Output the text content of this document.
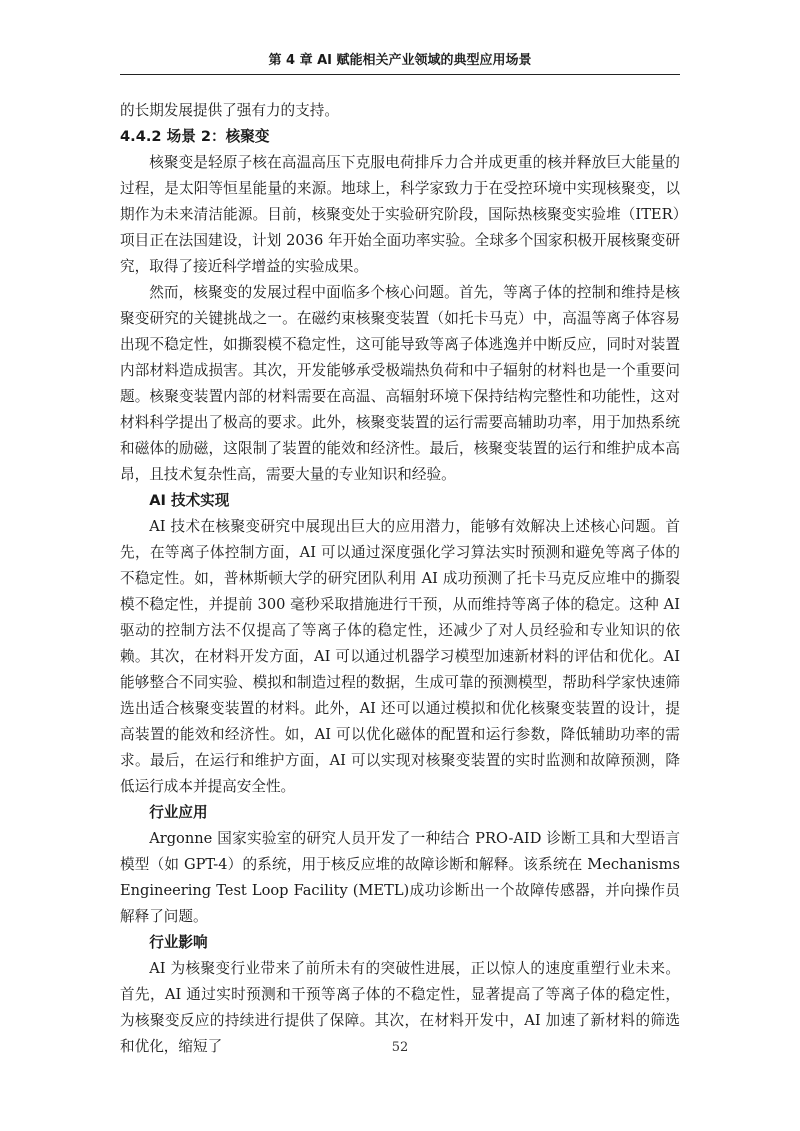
第 4 章 AI 赋能相关产业领域的典型应用场景

的长期发展提供了强有力的支持。

4.4.2 场景 2：核聚变

核聚变是轻原子核在高温高压下克服电荷排斥力合并成更重的核并释放巨大能量的过程，是太阳等恒星能量的来源。地球上，科学家致力于在受控环境中实现核聚变，以期作为未来清洁能源。目前，核聚变处于实验研究阶段，国际热核聚变实验堆（ITER）项目正在法国建设，计划 2036 年开始全面功率实验。全球多个国家积极开展核聚变研究，取得了接近科学增益的实验成果。

然而，核聚变的发展过程中面临多个核心问题。首先，等离子体的控制和维持是核聚变研究的关键挑战之一。在磁约束核聚变装置（如托卡马克）中，高温等离子体容易出现不稳定性，如撕裂模不稳定性，这可能导致等离子体逃逸并中断反应，同时对装置内部材料造成损害。其次，开发能够承受极端热负荷和中子辐射的材料也是一个重要问题。核聚变装置内部的材料需要在高温、高辐射环境下保持结构完整性和功能性，这对材料科学提出了极高的要求。此外，核聚变装置的运行需要高辅助功率，用于加热系统和磁体的励磁，这限制了装置的能效和经济性。最后，核聚变装置的运行和维护成本高昂，且技术复杂性高，需要大量的专业知识和经验。

AI 技术实现

AI 技术在核聚变研究中展现出巨大的应用潜力，能够有效解决上述核心问题。首先，在等离子体控制方面，AI 可以通过深度强化学习算法实时预测和避免等离子体的不稳定性。如，普林斯顿大学的研究团队利用 AI 成功预测了托卡马克反应堆中的撕裂模不稳定性，并提前 300 毫秒采取措施进行干预，从而维持等离子体的稳定。这种 AI 驱动的控制方法不仅提高了等离子体的稳定性，还减少了对人员经验和专业知识的依赖。其次，在材料开发方面，AI 可以通过机器学习模型加速新材料的评估和优化。AI 能够整合不同实验、模拟和制造过程的数据，生成可靠的预测模型，帮助科学家快速筛选出适合核聚变装置的材料。此外，AI 还可以通过模拟和优化核聚变装置的设计，提高装置的能效和经济性。如，AI 可以优化磁体的配置和运行参数，降低辅助功率的需求。最后，在运行和维护方面，AI 可以实现对核聚变装置的实时监测和故障预测，降低运行成本并提高安全性。

行业应用

Argonne 国家实验室的研究人员开发了一种结合 PRO-AID 诊断工具和大型语言模型（如 GPT-4）的系统，用于核反应堆的故障诊断和解释。该系统在 Mechanisms Engineering Test Loop Facility (METL)成功诊断出一个故障传感器，并向操作员解释了问题。

行业影响

AI 为核聚变行业带来了前所未有的突破性进展，正以惊人的速度重塑行业未来。首先，AI 通过实时预测和干预等离子体的不稳定性，显著提高了等离子体的稳定性，为核聚变反应的持续进行提供了保障。其次，在材料开发中，AI 加速了新材料的筛选和优化，缩短了	52
